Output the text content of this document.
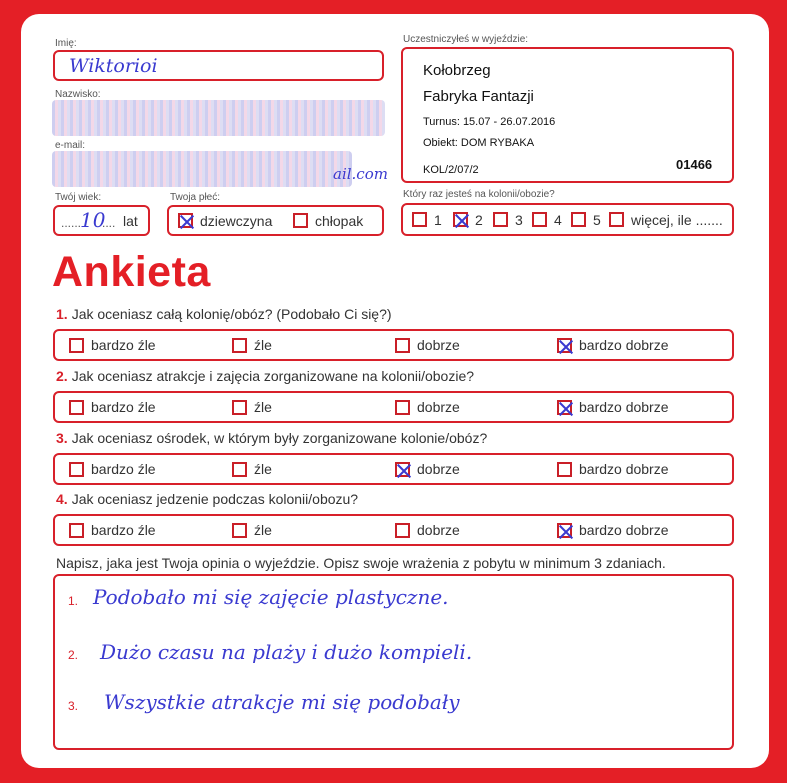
Imię:
Wiktorioi
Nazwisko:
e-mail:
ail.com
Twój wiek:
......
10
.... lat
Twoja płeć:
dziewczyna	chłopak
Uczestniczyłeś w wyjeździe:
Kołobrzeg
Fabryka Fantazji
Turnus: 15.07 - 26.07.2016
Obiekt: DOM RYBAKA
KOL/2/07/2	01466
Który raz jesteś na kolonii/obozie?
1 2 3 4 5 więcej, ile .......
Ankieta
1. Jak oceniasz całą kolonię/obóz? (Podobało Ci się?)
bardzo źle	źle	dobrze	bardzo dobrze
2. Jak oceniasz atrakcje i zajęcia zorganizowane na kolonii/obozie?
bardzo źle	źle	dobrze	bardzo dobrze
3. Jak oceniasz ośrodek, w którym były zorganizowane kolonie/obóz?
bardzo źle	źle	dobrze	bardzo dobrze
4. Jak oceniasz jedzenie podczas kolonii/obozu?
bardzo źle	źle	dobrze	bardzo dobrze
Napisz, jaka jest Twoja opinia o wyjeździe. Opisz swoje wrażenia z pobytu w minimum 3 zdaniach.
1. Podobało mi się zajęcie plastyczne.
2. Dużo czasu na plaży i dużo kompieli.
3. Wszystkie atrakcje mi się podobały
